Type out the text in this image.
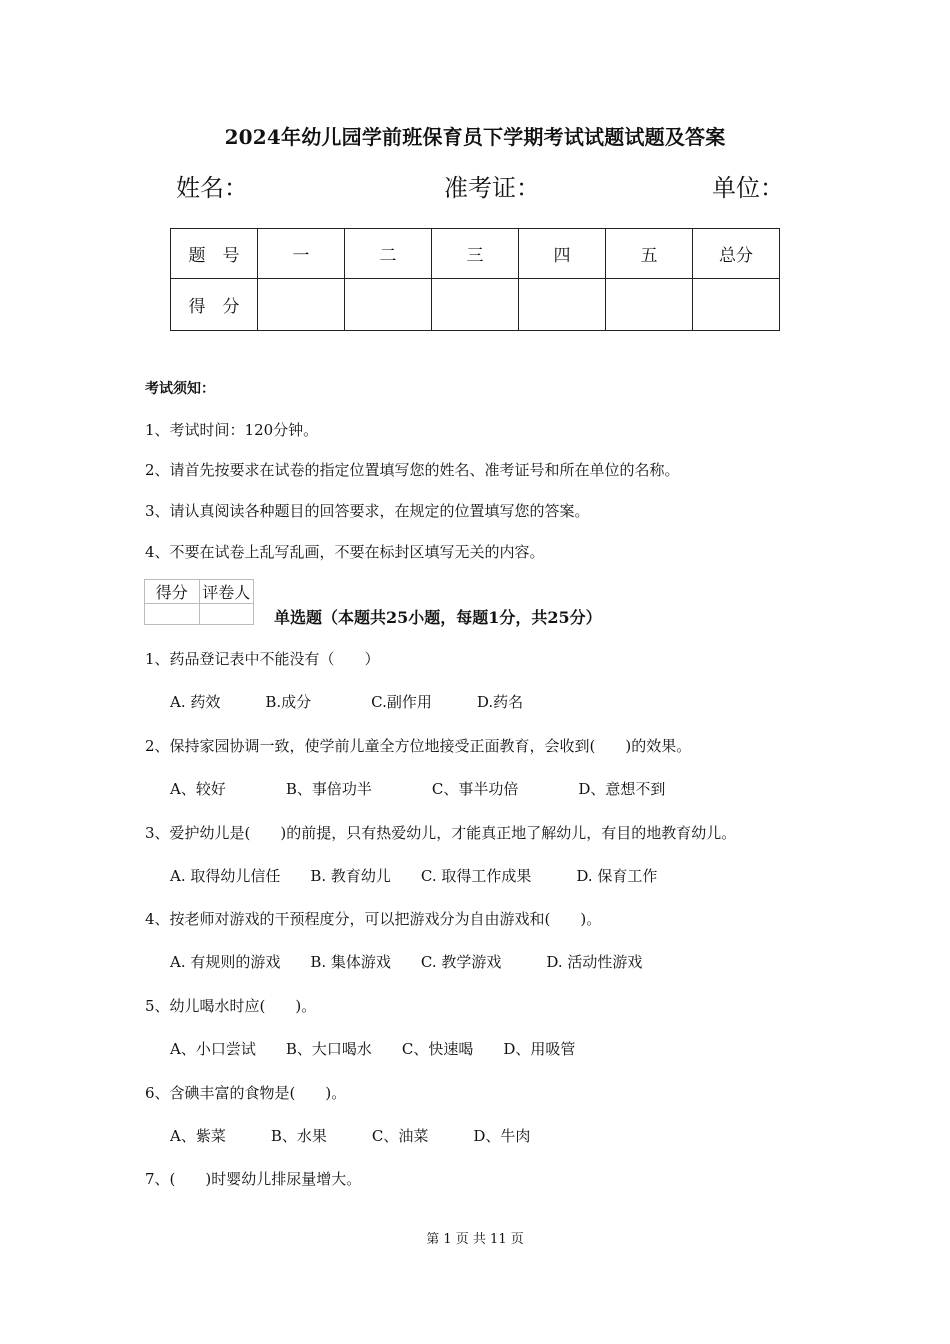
2024年幼儿园学前班保育员下学期考试试题试题及答案
姓名：	准考证：	单位：
题　号	一	二	三	四	五	总分
得　分						
考试须知：
1、考试时间：120分钟。
2、请首先按要求在试卷的指定位置填写您的姓名、准考证号和所在单位的名称。
3、请认真阅读各种题目的回答要求，在规定的位置填写您的答案。
4、不要在试卷上乱写乱画，不要在标封区填写无关的内容。
得分	评卷人

单选题（本题共25小题，每题1分，共25分）
1、药品登记表中不能没有（　　）
A. 药效　　　B.成分　　　　C.副作用　　　D.药名
2、保持家园协调一致，使学前儿童全方位地接受正面教育，会收到(　　)的效果。
A、较好　　　　B、事倍功半　　　　C、事半功倍　　　　D、意想不到
3、爱护幼儿是(　　)的前提，只有热爱幼儿，才能真正地了解幼儿，有目的地教育幼儿。
A. 取得幼儿信任　　B. 教育幼儿　　C. 取得工作成果　　　D. 保育工作
4、按老师对游戏的干预程度分，可以把游戏分为自由游戏和(　　)。
A. 有规则的游戏　　B. 集体游戏　　C. 教学游戏　　　D. 活动性游戏
5、幼儿喝水时应(　　)。
A、小口尝试　　B、大口喝水　　C、快速喝　　D、用吸管
6、含碘丰富的食物是(　　)。
A、紫菜　　　B、水果　　　C、油菜　　　D、牛肉
7、(　　)时婴幼儿排尿量增大。
第 1 页 共 11 页
